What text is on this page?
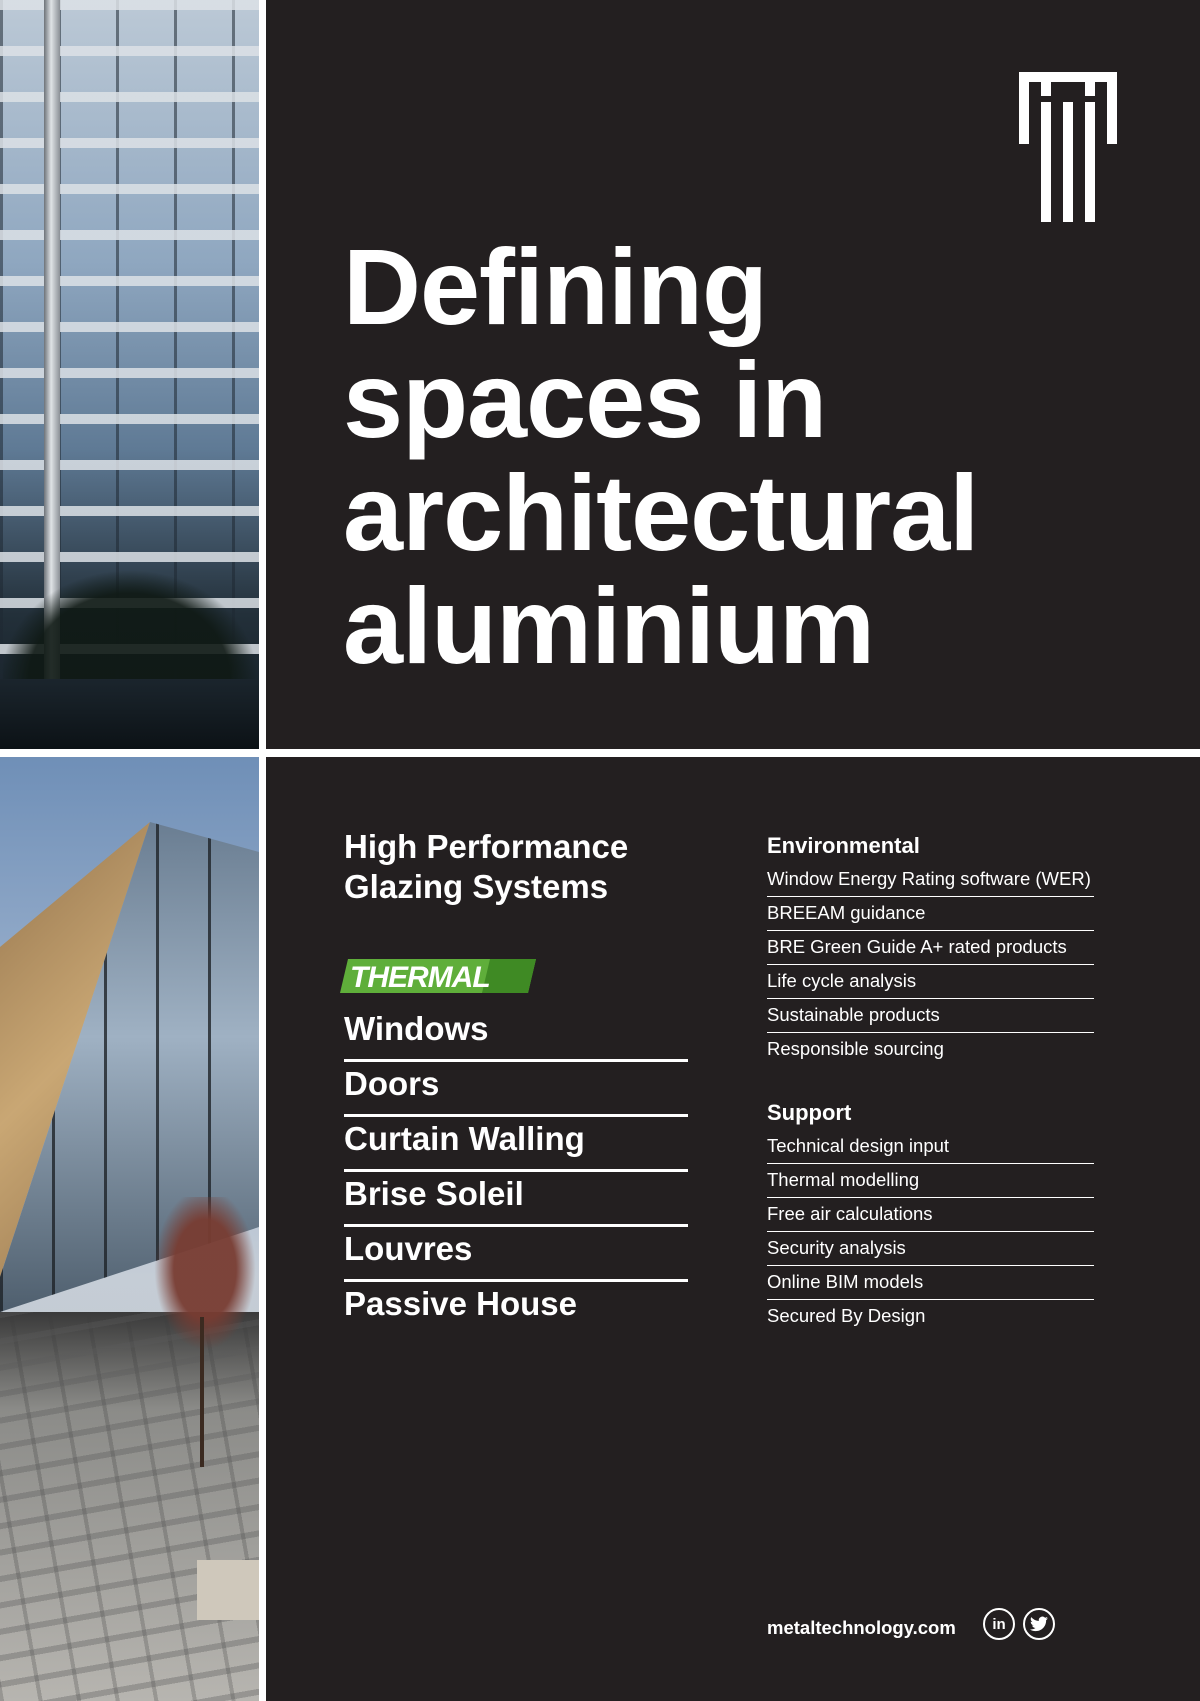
Defining
spaces in
architectural
aluminium
High Performance
Glazing Systems
THERMAL
Windows
Doors
Curtain Walling
Brise Soleil
Louvres
Passive House
Environmental
Window Energy Rating software (WER)
BREEAM guidance
BRE Green Guide A+ rated products
Life cycle analysis
Sustainable products
Responsible sourcing
Support
Technical design input
Thermal modelling
Free air calculations
Security analysis
Online BIM models
Secured By Design
metaltechnology.com	in
